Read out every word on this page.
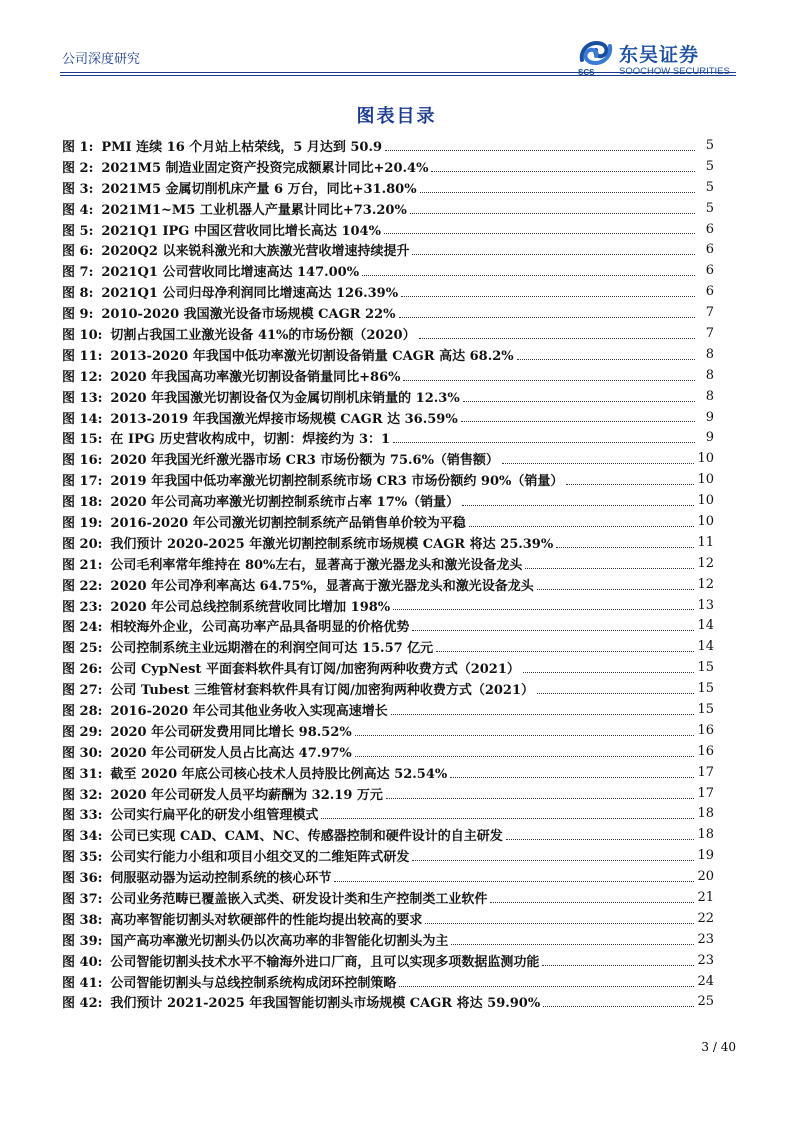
公司深度研究
SCS
东吴证券
SOOCHOW SECURITIES
图表目录
图 1: PMI 连续 16 个月站上枯荣线，5 月达到 50.9	5
图 2: 2021M5 制造业固定资产投资完成额累计同比+20.4%	5
图 3: 2021M5 金属切削机床产量 6 万台，同比+31.80%	5
图 4: 2021M1~M5 工业机器人产量累计同比+73.20%	5
图 5: 2021Q1 IPG 中国区营收同比增长高达 104%	6
图 6: 2020Q2 以来锐科激光和大族激光营收增速持续提升	6
图 7: 2021Q1 公司营收同比增速高达 147.00%	6
图 8: 2021Q1 公司归母净利润同比增速高达 126.39%	6
图 9: 2010-2020 我国激光设备市场规模 CAGR 22%	7
图 10: 切割占我国工业激光设备 41%的市场份额（2020）	7
图 11: 2013-2020 年我国中低功率激光切割设备销量 CAGR 高达 68.2%	8
图 12: 2020 年我国高功率激光切割设备销量同比+86%	8
图 13: 2020 年我国激光切割设备仅为金属切削机床销量的 12.3%	8
图 14: 2013-2019 年我国激光焊接市场规模 CAGR 达 36.59%	9
图 15: 在 IPG 历史营收构成中，切割：焊接约为 3：1	9
图 16: 2020 年我国光纤激光器市场 CR3 市场份额为 75.6%（销售额）	10
图 17: 2019 年我国中低功率激光切割控制系统市场 CR3 市场份额约 90%（销量）	10
图 18: 2020 年公司高功率激光切割控制系统市占率 17%（销量）	10
图 19: 2016-2020 年公司激光切割控制系统产品销售单价较为平稳	10
图 20: 我们预计 2020-2025 年激光切割控制系统市场规模 CAGR 将达 25.39%	11
图 21: 公司毛利率常年维持在 80%左右，显著高于激光器龙头和激光设备龙头	12
图 22: 2020 年公司净利率高达 64.75%，显著高于激光器龙头和激光设备龙头	12
图 23: 2020 年公司总线控制系统营收同比增加 198%	13
图 24: 相较海外企业，公司高功率产品具备明显的价格优势	14
图 25: 公司控制系统主业远期潜在的利润空间可达 15.57 亿元	14
图 26: 公司 CypNest 平面套料软件具有订阅/加密狗两种收费方式（2021）	15
图 27: 公司 Tubest 三维管材套料软件具有订阅/加密狗两种收费方式（2021）	15
图 28: 2016-2020 年公司其他业务收入实现高速增长	15
图 29: 2020 年公司研发费用同比增长 98.52%	16
图 30: 2020 年公司研发人员占比高达 47.97%	16
图 31: 截至 2020 年底公司核心技术人员持股比例高达 52.54%	17
图 32: 2020 年公司研发人员平均薪酬为 32.19 万元	17
图 33: 公司实行扁平化的研发小组管理模式	18
图 34: 公司已实现 CAD、CAM、NC、传感器控制和硬件设计的自主研发	18
图 35: 公司实行能力小组和项目小组交叉的二维矩阵式研发	19
图 36: 伺服驱动器为运动控制系统的核心环节	20
图 37: 公司业务范畴已覆盖嵌入式类、研发设计类和生产控制类工业软件	21
图 38: 高功率智能切割头对软硬部件的性能均提出较高的要求	22
图 39: 国产高功率激光切割头仍以次高功率的非智能化切割头为主	23
图 40: 公司智能切割头技术水平不输海外进口厂商，且可以实现多项数据监测功能	23
图 41: 公司智能切割头与总线控制系统构成闭环控制策略	24
图 42: 我们预计 2021-2025 年我国智能切割头市场规模 CAGR 将达 59.90%	25
3 / 40
